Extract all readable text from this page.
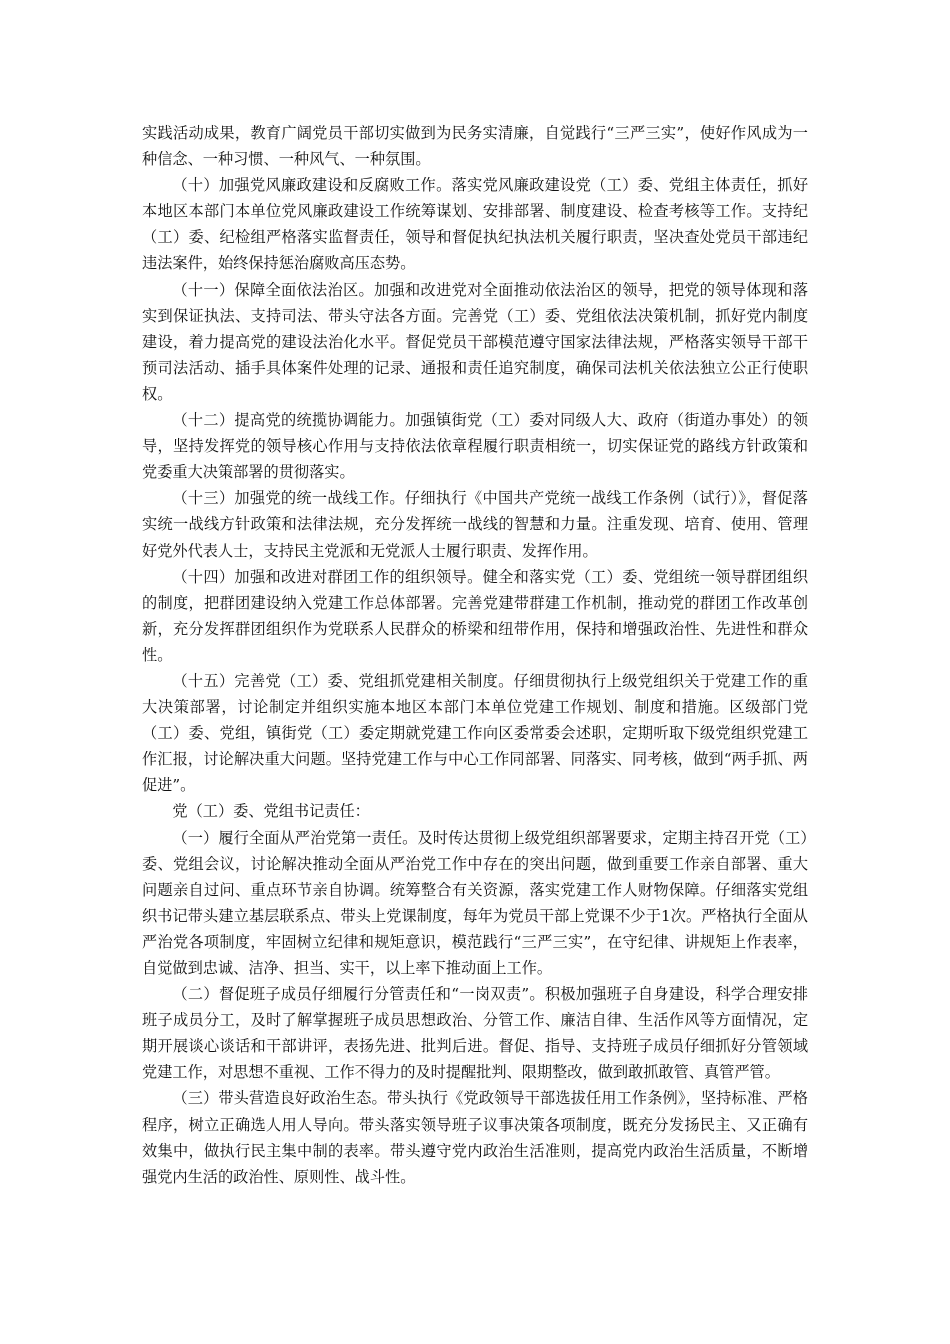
实践活动成果，教育广阔党员干部切实做到为民务实清廉，自觉践行“三严三实”，使好作风成为一种信念、一种习惯、一种风气、一种氛围。

（十）加强党风廉政建设和反腐败工作。落实党风廉政建设党（工）委、党组主体责任，抓好本地区本部门本单位党风廉政建设工作统筹谋划、安排部署、制度建设、检查考核等工作。支持纪（工）委、纪检组严格落实监督责任，领导和督促执纪执法机关履行职责，坚决查处党员干部违纪违法案件，始终保持惩治腐败高压态势。

（十一）保障全面依法治区。加强和改进党对全面推动依法治区的领导，把党的领导体现和落实到保证执法、支持司法、带头守法各方面。完善党（工）委、党组依法决策机制，抓好党内制度建设，着力提高党的建设法治化水平。督促党员干部模范遵守国家法律法规，严格落实领导干部干预司法活动、插手具体案件处理的记录、通报和责任追究制度，确保司法机关依法独立公正行使职权。

（十二）提高党的统揽协调能力。加强镇街党（工）委对同级人大、政府（街道办事处）的领导，坚持发挥党的领导核心作用与支持依法依章程履行职责相统一，切实保证党的路线方针政策和党委重大决策部署的贯彻落实。

（十三）加强党的统一战线工作。仔细执行《中国共产党统一战线工作条例（试行）》，督促落实统一战线方针政策和法律法规，充分发挥统一战线的智慧和力量。注重发现、培育、使用、管理好党外代表人士，支持民主党派和无党派人士履行职责、发挥作用。

（十四）加强和改进对群团工作的组织领导。健全和落实党（工）委、党组统一领导群团组织的制度，把群团建设纳入党建工作总体部署。完善党建带群建工作机制，推动党的群团工作改革创新，充分发挥群团组织作为党联系人民群众的桥梁和纽带作用，保持和增强政治性、先进性和群众性。

（十五）完善党（工）委、党组抓党建相关制度。仔细贯彻执行上级党组织关于党建工作的重大决策部署，讨论制定并组织实施本地区本部门本单位党建工作规划、制度和措施。区级部门党（工）委、党组，镇街党（工）委定期就党建工作向区委常委会述职，定期听取下级党组织党建工作汇报，讨论解决重大问题。坚持党建工作与中心工作同部署、同落实、同考核，做到“两手抓、两促进”。

党（工）委、党组书记责任：

（一）履行全面从严治党第一责任。及时传达贯彻上级党组织部署要求，定期主持召开党（工）委、党组会议，讨论解决推动全面从严治党工作中存在的突出问题，做到重要工作亲自部署、重大问题亲自过问、重点环节亲自协调。统筹整合有关资源，落实党建工作人财物保障。仔细落实党组织书记带头建立基层联系点、带头上党课制度，每年为党员干部上党课不少于1次。严格执行全面从严治党各项制度，牢固树立纪律和规矩意识，模范践行“三严三实”，在守纪律、讲规矩上作表率，自觉做到忠诚、洁净、担当、实干，以上率下推动面上工作。

（二）督促班子成员仔细履行分管责任和“一岗双责”。积极加强班子自身建设，科学合理安排班子成员分工，及时了解掌握班子成员思想政治、分管工作、廉洁自律、生活作风等方面情况，定期开展谈心谈话和干部讲评，表扬先进、批判后进。督促、指导、支持班子成员仔细抓好分管领域党建工作，对思想不重视、工作不得力的及时提醒批判、限期整改，做到敢抓敢管、真管严管。

（三）带头营造良好政治生态。带头执行《党政领导干部选拔任用工作条例》，坚持标准、严格程序，树立正确选人用人导向。带头落实领导班子议事决策各项制度，既充分发扬民主、又正确有效集中，做执行民主集中制的表率。带头遵守党内政治生活准则，提高党内政治生活质量，不断增强党内生活的政治性、原则性、战斗性。
